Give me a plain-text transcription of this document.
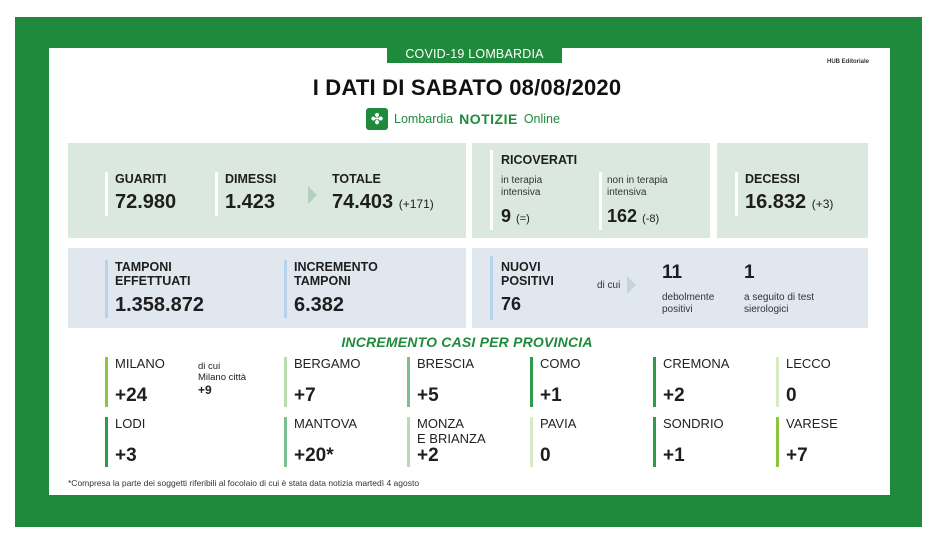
COVID-19 LOMBARDIA
HUB Editoriale
I DATI DI SABATO 08/08/2020
✤ Lombardia NOTIZIE Online
GUARITI
72.980
DIMESSI
1.423
TOTALE
74.403 (+171)
RICOVERATI
in terapia
intensiva
9 (=)
non in terapia
intensiva
162 (-8)
DECESSI
16.832 (+3)
TAMPONI
EFFETTUATI
1.358.872
INCREMENTO
TAMPONI
6.382
NUOVI
POSITIVI
76
di cui
11
debolmente
positivi
1
a seguito di test
sierologici
INCREMENTO CASI PER PROVINCIA
MILANO
+24
di cui
Milano città
+9
BERGAMO
+7
BRESCIA
+5
COMO
+1
CREMONA
+2
LECCO
0
LODI
+3
MANTOVA
+20*
MONZA
E BRIANZA
+2
PAVIA
0
SONDRIO
+1
VARESE
+7
*Compresa la parte dei soggetti riferibili al focolaio di cui è stata data notizia martedì 4 agosto
